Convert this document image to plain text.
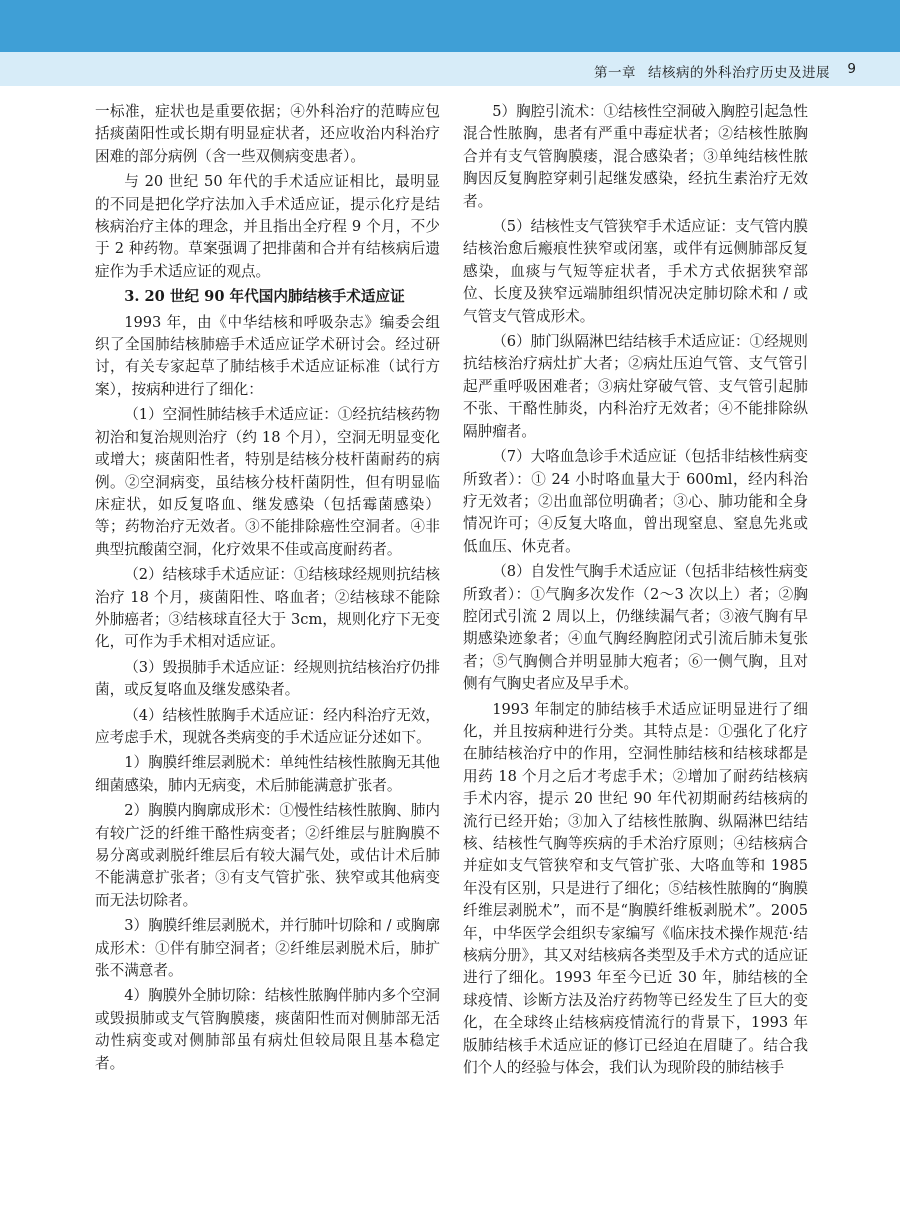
第一章 结核病的外科治疗历史及进展 9

一标准，症状也是重要依据；④外科治疗的范畴应包括痰菌阳性或长期有明显症状者，还应收治内科治疗困难的部分病例（含一些双侧病变患者）。

与 20 世纪 50 年代的手术适应证相比，最明显的不同是把化学疗法加入手术适应证，提示化疗是结核病治疗主体的理念，并且指出全疗程 9 个月，不少于 2 种药物。草案强调了把排菌和合并有结核病后遗症作为手术适应证的观点。

3. 20 世纪 90 年代国内肺结核手术适应证

1993 年，由《中华结核和呼吸杂志》编委会组织了全国肺结核肺癌手术适应证学术研讨会。经过研讨，有关专家起草了肺结核手术适应证标准（试行方案），按病种进行了细化：

（1）空洞性肺结核手术适应证：①经抗结核药物初治和复治规则治疗（约 18 个月），空洞无明显变化或增大；痰菌阳性者，特别是结核分枝杆菌耐药的病例。②空洞病变，虽结核分枝杆菌阴性，但有明显临床症状，如反复咯血、继发感染（包括霉菌感染）等；药物治疗无效者。③不能排除癌性空洞者。④非典型抗酸菌空洞，化疗效果不佳或高度耐药者。

（2）结核球手术适应证：①结核球经规则抗结核治疗 18 个月，痰菌阳性、咯血者；②结核球不能除外肺癌者；③结核球直径大于 3cm，规则化疗下无变化，可作为手术相对适应证。

（3）毁损肺手术适应证：经规则抗结核治疗仍排菌，或反复咯血及继发感染者。

（4）结核性脓胸手术适应证：经内科治疗无效，应考虑手术，现就各类病变的手术适应证分述如下。

1）胸膜纤维层剥脱术：单纯性结核性脓胸无其他细菌感染，肺内无病变，术后肺能满意扩张者。

2）胸膜内胸廓成形术：①慢性结核性脓胸、肺内有较广泛的纤维干酪性病变者；②纤维层与脏胸膜不易分离或剥脱纤维层后有较大漏气处，或估计术后肺不能满意扩张者；③有支气管扩张、狭窄或其他病变而无法切除者。

3）胸膜纤维层剥脱术，并行肺叶切除和 / 或胸廓成形术：①伴有肺空洞者；②纤维层剥脱术后，肺扩张不满意者。

4）胸膜外全肺切除：结核性脓胸伴肺内多个空洞或毁损肺或支气管胸膜瘘，痰菌阳性而对侧肺部无活动性病变或对侧肺部虽有病灶但较局限且基本稳定者。

5）胸腔引流术：①结核性空洞破入胸腔引起急性混合性脓胸，患者有严重中毒症状者；②结核性脓胸合并有支气管胸膜瘘，混合感染者；③单纯结核性脓胸因反复胸腔穿刺引起继发感染，经抗生素治疗无效者。

（5）结核性支气管狭窄手术适应证：支气管内膜结核治愈后瘢痕性狭窄或闭塞，或伴有远侧肺部反复感染，血痰与气短等症状者，手术方式依据狭窄部位、长度及狭窄远端肺组织情况决定肺切除术和 / 或气管支气管成形术。

（6）肺门纵隔淋巴结结核手术适应证：①经规则抗结核治疗病灶扩大者；②病灶压迫气管、支气管引起严重呼吸困难者；③病灶穿破气管、支气管引起肺不张、干酪性肺炎，内科治疗无效者；④不能排除纵隔肿瘤者。

（7）大咯血急诊手术适应证（包括非结核性病变所致者）：① 24 小时咯血量大于 600ml，经内科治疗无效者；②出血部位明确者；③心、肺功能和全身情况许可；④反复大咯血，曾出现窒息、窒息先兆或低血压、休克者。

（8）自发性气胸手术适应证（包括非结核性病变所致者）：①气胸多次发作（2～3 次以上）者；②胸腔闭式引流 2 周以上，仍继续漏气者；③液气胸有早期感染迹象者；④血气胸经胸腔闭式引流后肺未复张者；⑤气胸侧合并明显肺大疱者；⑥一侧气胸，且对侧有气胸史者应及早手术。

1993 年制定的肺结核手术适应证明显进行了细化，并且按病种进行分类。其特点是：①强化了化疗在肺结核治疗中的作用，空洞性肺结核和结核球都是用药 18 个月之后才考虑手术；②增加了耐药结核病手术内容，提示 20 世纪 90 年代初期耐药结核病的流行已经开始；③加入了结核性脓胸、纵隔淋巴结结核、结核性气胸等疾病的手术治疗原则；④结核病合并症如支气管狭窄和支气管扩张、大咯血等和 1985 年没有区别，只是进行了细化；⑤结核性脓胸的“胸膜纤维层剥脱术”，而不是“胸膜纤维板剥脱术”。2005 年，中华医学会组织专家编写《临床技术操作规范·结核病分册》，其又对结核病各类型及手术方式的适应证进行了细化。1993 年至今已近 30 年，肺结核的全球疫情、诊断方法及治疗药物等已经发生了巨大的变化，在全球终止结核病疫情流行的背景下，1993 年版肺结核手术适应证的修订已经迫在眉睫了。结合我们个人的经验与体会，我们认为现阶段的肺结核手
